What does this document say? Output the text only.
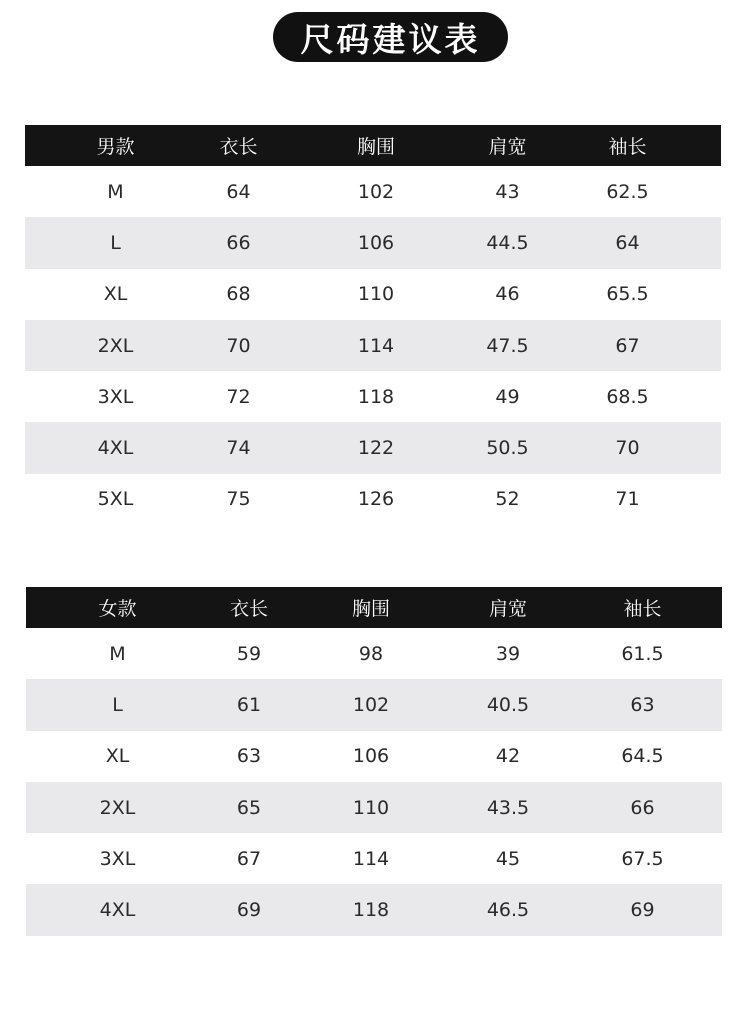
尺码建议表
男款	衣长	胸围	肩宽	袖长
M	64	102	43	62.5
L	66	106	44.5	64
XL	68	110	46	65.5
2XL	70	114	47.5	67
3XL	72	118	49	68.5
4XL	74	122	50.5	70
5XL	75	126	52	71
女款	衣长	胸围	肩宽	袖长
M	59	98	39	61.5
L	61	102	40.5	63
XL	63	106	42	64.5
2XL	65	110	43.5	66
3XL	67	114	45	67.5
4XL	69	118	46.5	69
